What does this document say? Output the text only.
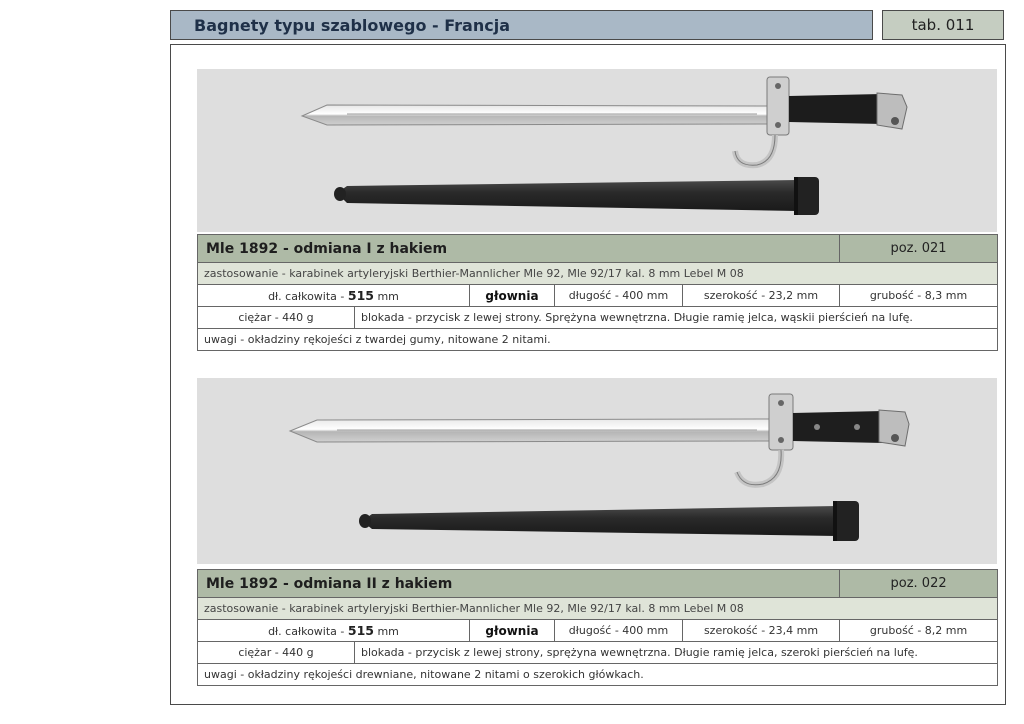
Bagnety typu szablowego - Francja	tab. 011
Mle 1892 - odmiana I z hakiem					poz. 021
zastosowanie - karabinek artyleryjski Berthier-Mannlicher Mle 92, Mle 92/17 kal. 8 mm Lebel M 08					
dł. całkowita - 515 mm		głownia	długość - 400 mm	szerokość - 23,2 mm	grubość - 8,3 mm
ciężar - 440 g	blokada - przycisk z lewej strony. Sprężyna wewnętrzna. Długie ramię jelca, wąskii pierścień na lufę.				
uwagi - okładziny rękojeści z twardej gumy, nitowane 2 nitami.					
Mle 1892 - odmiana II z hakiem					poz. 022
zastosowanie - karabinek artyleryjski Berthier-Mannlicher Mle 92, Mle 92/17 kal. 8 mm Lebel M 08					
dł. całkowita - 515 mm		głownia	długość - 400 mm	szerokość - 23,4 mm	grubość - 8,2 mm
ciężar - 440 g	blokada - przycisk z lewej strony, sprężyna wewnętrzna. Długie ramię jelca, szeroki pierścień na lufę.				
uwagi - okładziny rękojeści drewniane, nitowane 2 nitami o szerokich główkach.					
